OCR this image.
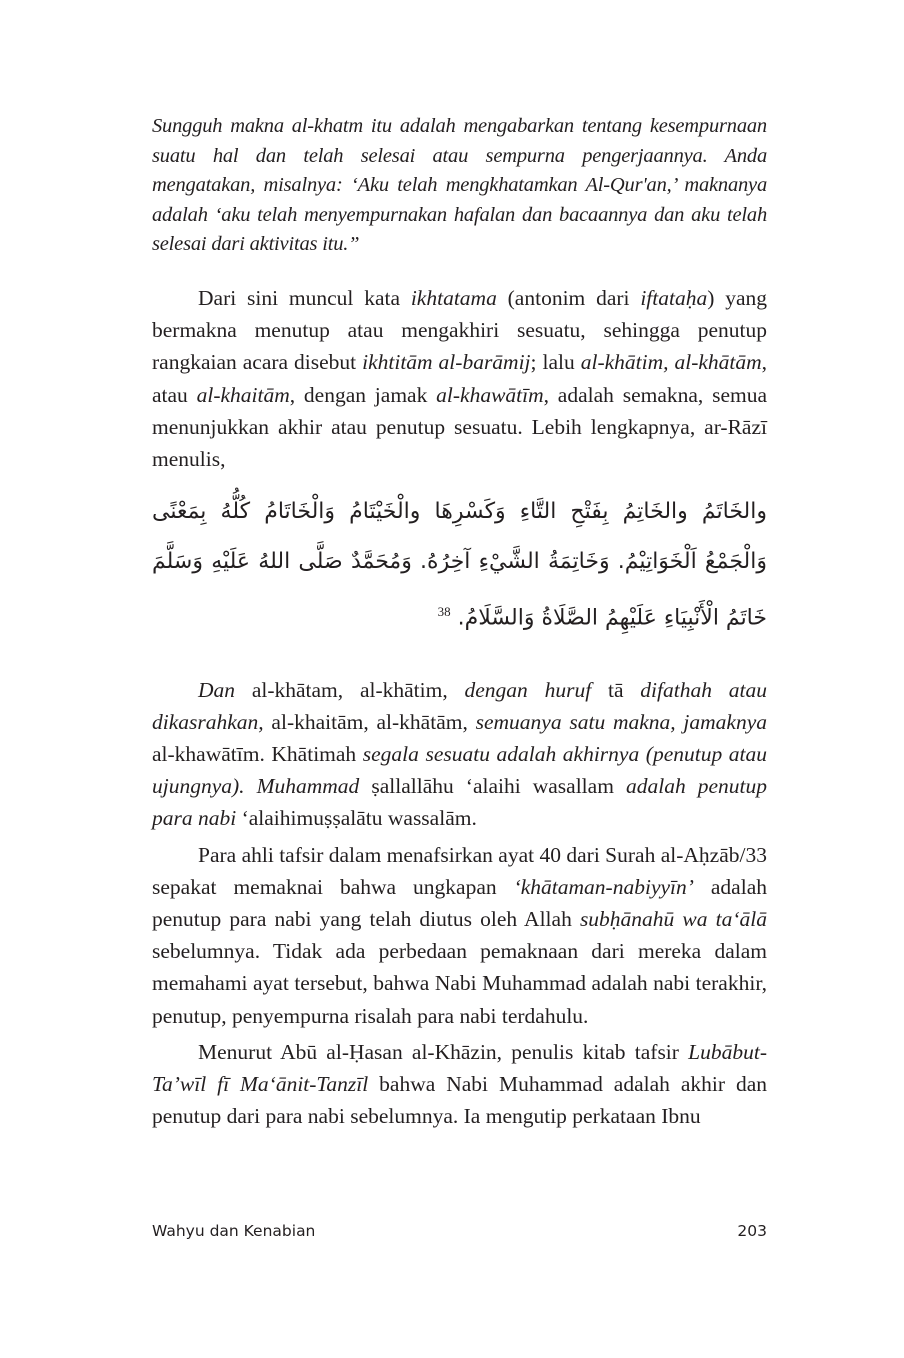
Sungguh makna al-khatm itu adalah mengabarkan tentang kesempurnaan suatu hal dan telah selesai atau sempurna pengerjaannya. Anda mengatakan, misalnya: ‘Aku telah mengkhatamkan Al-Qur'an,’ maknanya adalah ‘aku telah menyempurnakan hafalan dan bacaannya dan aku telah selesai dari aktivitas itu.”

Dari sini muncul kata ikhtatama (antonim dari iftataḥa) yang bermakna menutup atau mengakhiri sesuatu, sehingga penutup rangkaian acara disebut ikhtitām al-barāmij; lalu al-khātim, al-khātām, atau al-khaitām, dengan jamak al-khawātīm, adalah semakna, semua menunjukkan akhir atau penutup sesuatu. Lebih lengkapnya, ar-Rāzī menulis,

والخَاتَمُ والخَاتِمُ بِفَتْحِ التَّاءِ وَكَسْرِهَا والْخَيْتَامُ وَالْخَاتَامُ كُلُّهُ بِمَعْنًى وَالْجَمْعُ اَلْخَوَاتِيْمُ. وَخَاتِمَةُ الشَّيْءِ آخِرُهُ. وَمُحَمَّدٌ صَلَّى اللهُ عَلَيْهِ وَسَلَّمَ خَاتَمُ الْأَنْبِيَاءِ عَلَيْهِمُ الصَّلَاةُ وَالسَّلَامُ. $^{38}$

Dan al-khātam, al-khātim, dengan huruf tā difathah atau dikasrahkan, al-khaitām, al-khātām, semuanya satu makna, jamaknya al-khawātīm. Khātimah segala sesuatu adalah akhirnya (penutup atau ujungnya). Muhammad ṣallallāhu ‘alaihi wasallam adalah penutup para nabi ‘alaihimuṣṣalātu wassalām.

Para ahli tafsir dalam menafsirkan ayat 40 dari Surah al-Aḥzāb/33 sepakat memaknai bahwa ungkapan ‘khātaman-nabiyyīn’ adalah penutup para nabi yang telah diutus oleh Allah subḥānahū wa ta‘ālā sebelumnya. Tidak ada perbedaan pemaknaan dari mereka dalam memahami ayat tersebut, bahwa Nabi Muhammad adalah nabi terakhir, penutup, penyempurna risalah para nabi terdahulu.

Menurut Abū al-Ḥasan al-Khāzin, penulis kitab tafsir Lubābut-Ta’wīl fī Ma‘ānit-Tanzīl bahwa Nabi Muhammad adalah akhir dan penutup dari para nabi sebelumnya. Ia mengutip perkataan Ibnu

Wahyu dan Kenabian	203
